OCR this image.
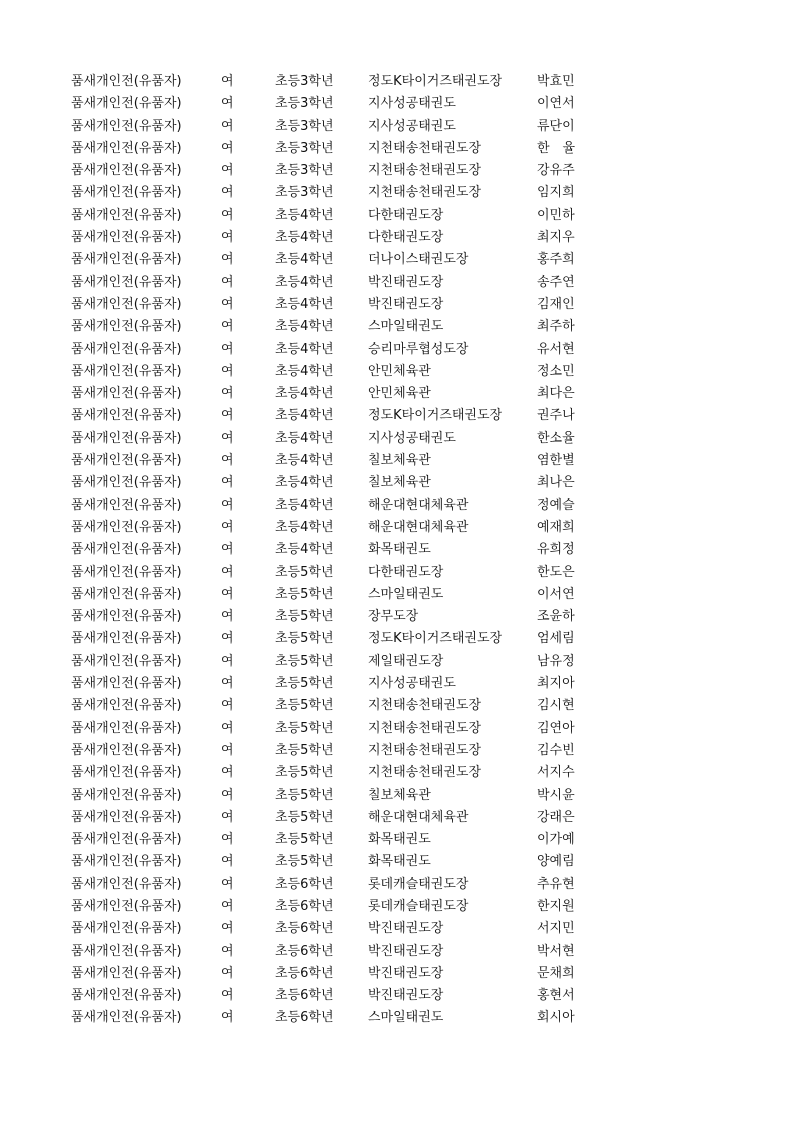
품새개인전(유품자)	여	초등3학년	정도K타이거즈태권도장	박효민
품새개인전(유품자)	여	초등3학년	지사성공태권도	이연서
품새개인전(유품자)	여	초등3학년	지사성공태권도	류단이
품새개인전(유품자)	여	초등3학년	지천태송천태권도장	한　율
품새개인전(유품자)	여	초등3학년	지천태송천태권도장	강유주
품새개인전(유품자)	여	초등3학년	지천태송천태권도장	임지희
품새개인전(유품자)	여	초등4학년	다한태권도장	이민하
품새개인전(유품자)	여	초등4학년	다한태권도장	최지우
품새개인전(유품자)	여	초등4학년	더나이스태권도장	홍주희
품새개인전(유품자)	여	초등4학년	박진태권도장	송주연
품새개인전(유품자)	여	초등4학년	박진태권도장	김재인
품새개인전(유품자)	여	초등4학년	스마일태권도	최주하
품새개인전(유품자)	여	초등4학년	승리마루협성도장	유서현
품새개인전(유품자)	여	초등4학년	안민체육관	정소민
품새개인전(유품자)	여	초등4학년	안민체육관	최다은
품새개인전(유품자)	여	초등4학년	정도K타이거즈태권도장	권주나
품새개인전(유품자)	여	초등4학년	지사성공태권도	한소율
품새개인전(유품자)	여	초등4학년	칠보체육관	염한별
품새개인전(유품자)	여	초등4학년	칠보체육관	최나은
품새개인전(유품자)	여	초등4학년	해운대현대체육관	정예슬
품새개인전(유품자)	여	초등4학년	해운대현대체육관	예재희
품새개인전(유품자)	여	초등4학년	화목태권도	유희정
품새개인전(유품자)	여	초등5학년	다한태권도장	한도은
품새개인전(유품자)	여	초등5학년	스마일태권도	이서연
품새개인전(유품자)	여	초등5학년	장무도장	조윤하
품새개인전(유품자)	여	초등5학년	정도K타이거즈태권도장	엄세림
품새개인전(유품자)	여	초등5학년	제일태권도장	남유정
품새개인전(유품자)	여	초등5학년	지사성공태권도	최지아
품새개인전(유품자)	여	초등5학년	지천태송천태권도장	김시현
품새개인전(유품자)	여	초등5학년	지천태송천태권도장	김연아
품새개인전(유품자)	여	초등5학년	지천태송천태권도장	김수빈
품새개인전(유품자)	여	초등5학년	지천태송천태권도장	서지수
품새개인전(유품자)	여	초등5학년	칠보체육관	박시윤
품새개인전(유품자)	여	초등5학년	해운대현대체육관	강래은
품새개인전(유품자)	여	초등5학년	화목태권도	이가예
품새개인전(유품자)	여	초등5학년	화목태권도	양예림
품새개인전(유품자)	여	초등6학년	롯데캐슬태권도장	추유현
품새개인전(유품자)	여	초등6학년	롯데캐슬태권도장	한지원
품새개인전(유품자)	여	초등6학년	박진태권도장	서지민
품새개인전(유품자)	여	초등6학년	박진태권도장	박서현
품새개인전(유품자)	여	초등6학년	박진태권도장	문채희
품새개인전(유품자)	여	초등6학년	박진태권도장	홍현서
품새개인전(유품자)	여	초등6학년	스마일태권도	회시아
